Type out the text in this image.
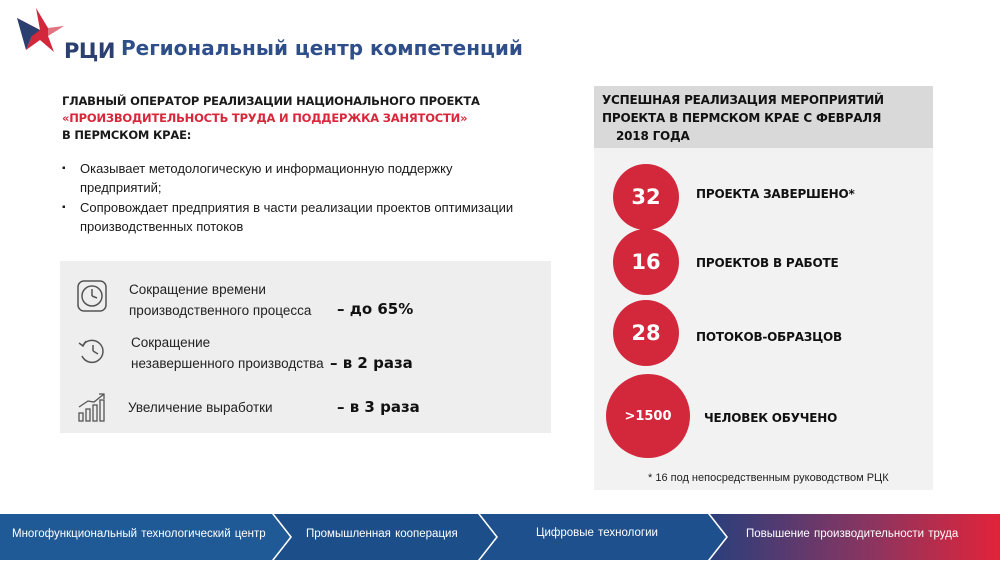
РЦИ Региональный центр компетенций
ГЛАВНЫЙ ОПЕРАТОР РЕАЛИЗАЦИИ НАЦИОНАЛЬНОГО ПРОЕКТА
«ПРОИЗВОДИТЕЛЬНОСТЬ ТРУДА И ПОДДЕРЖКА ЗАНЯТОСТИ»
В ПЕРМСКОМ КРАЕ:
▪ Оказывает методологическую и информационную поддержку
предприятий;
▪ Сопровождает предприятия в части реализации проектов оптимизации
производственных потоков
Сокращение времени
производственного процесса – до 65%
Сокращение
незавершенного производства – в 2 раза
Увеличение выработки	– в 3 раза
УСПЕШНАЯ РЕАЛИЗАЦИЯ МЕРОПРИЯТИЙ
ПРОЕКТА В ПЕРМСКОМ КРАЕ С ФЕВРАЛЯ
2018 ГОДА
32	ПРОЕКТА ЗАВЕРШЕНО*
16	ПРОЕКТОВ В РАБОТЕ
28	ПОТОКОВ-ОБРАЗЦОВ
>1500	ЧЕЛОВЕК ОБУЧЕНО
* 16 под непосредственным руководством РЦК
Многофункциональный технологический центр	Промышленная кооперация	Цифровые технологии	Повышение производительности труда
